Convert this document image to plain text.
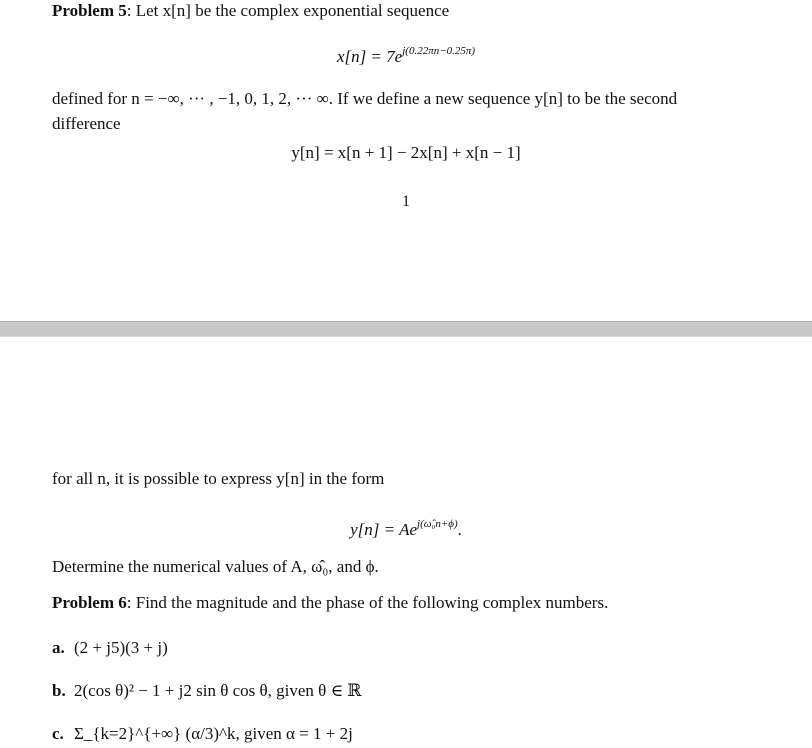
Problem 5: Let x[n] be the complex exponential sequence
$x[n] = 7e^{j(0.22\pi n-0.25\pi)}$
defined for n = −∞, ··· , −1, 0, 1, 2, ··· ∞. If we define a new sequence y[n] to be the second
difference
y[n] = x[n + 1] − 2x[n] + x[n − 1]
1
for all n, it is possible to express y[n] in the form
$y[n] = Ae^{j(\omegâ_0n+\phi)}$.
Determine the numerical values of A, ω̂₀, and ϕ.
Problem 6: Find the magnitude and the phase of the following complex numbers.
a. (2 + j5)(3 + j)
b. 2(cos θ)² − 1 + j2 sin θ cos θ, given θ ∈ ℝ
c. Σ_{k=2}^{+∞} (α/3)^k, given α = 1 + 2j
